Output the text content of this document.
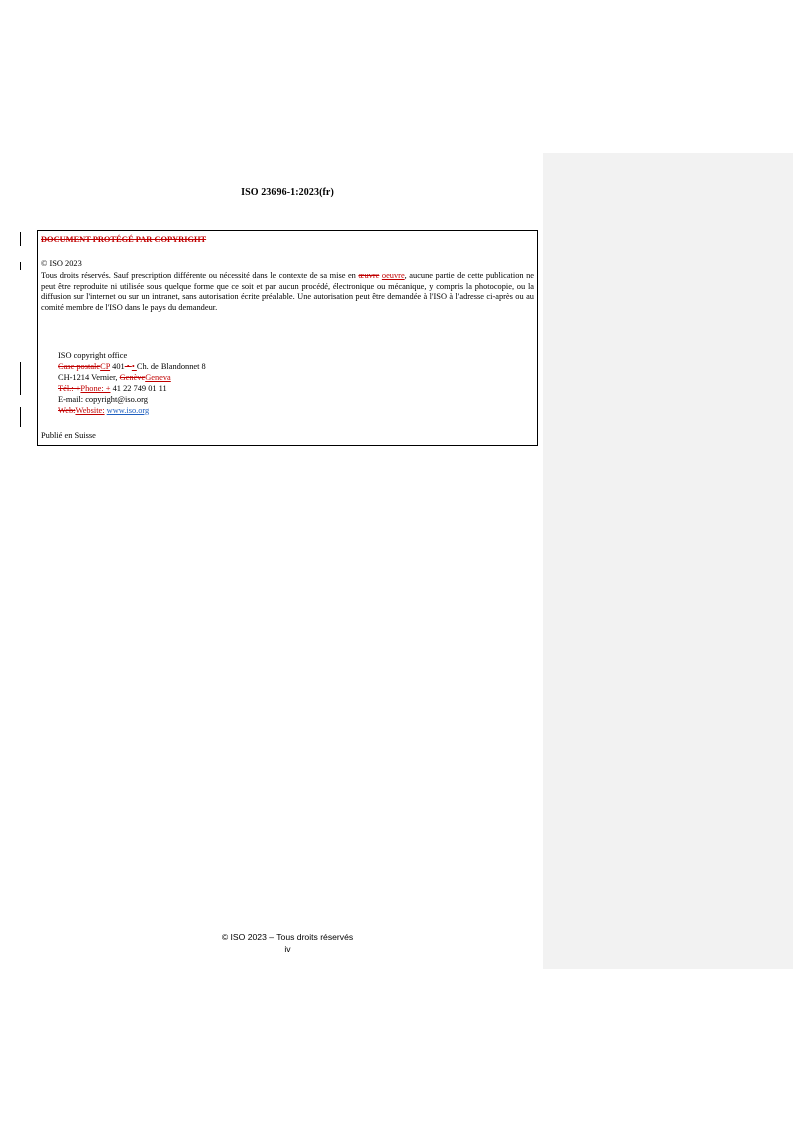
ISO 23696-1:2023(fr)
DOCUMENT PROTÉGÉ PAR COPYRIGHT
© ISO 2023
Tous droits réservés. Sauf prescription différente ou nécessité dans le contexte de sa mise en œuvre oeuvre, aucune partie de cette publication ne peut être reproduite ni utilisée sous quelque forme que ce soit et par aucun procédé, électronique ou mécanique, y compris la photocopie, ou la diffusion sur l'internet ou sur un intranet, sans autorisation écrite préalable. Une autorisation peut être demandée à l'ISO à l'adresse ci-après ou au comité membre de l'ISO dans le pays du demandeur.
ISO copyright office
Case postaleCP 401 • • Ch. de Blandonnet 8
CH-1214 Vernier, GenèveGeneva
Tél.: +Phone: + 41 22 749 01 11
E-mail: copyright@iso.org
Web:Website: www.iso.org
Publié en Suisse
© ISO 2023 – Tous droits réservés
iv
